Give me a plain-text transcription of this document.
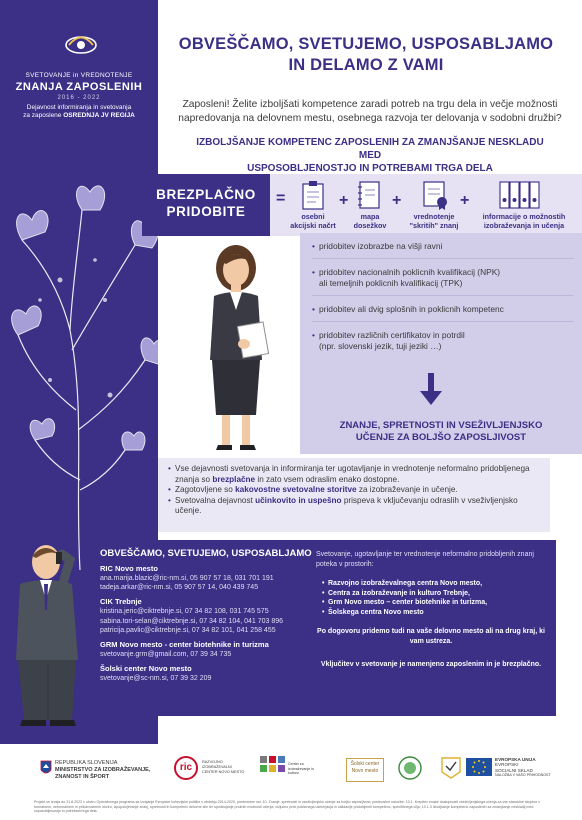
SVETOVANJE in VREDNOTENJE
ZNANJA ZAPOSLENIH
2016 - 2022
Dejavnost informiranja in svetovanja
za zaposlene OSREDNJA JV REGIJA
OBVEŠČAMO, SVETUJEMO, USPOSABLJAMO
IN DELAMO Z VAMI
Zaposleni! Želite izboljšati kompetence zaradi potreb na trgu dela in večje možnosti
napredovanja na delovnem mestu, osebnega razvoja ter delovanja v sodobni družbi?
IZBOLJŠANJE KOMPETENC ZAPOSLENIH ZA ZMANJŠANJE NESKLADU MED
USPOSOBLJENOSTJO IN POTREBAMI TRGA DELA
BREZPLAČNO
PRIDOBITE
=	+	+	+
osebni
akcijski načrt
mapa
dosežkov
vrednotenje
"skritih" znanj
informacije o možnostih
izobraževanja in učenja
• pridobitev izobrazbe na višji ravni
• pridobitev nacionalnih poklicnih kvalifikacij (NPK)
ali temeljnih poklicnih kvalifikacij (TPK)
• pridobitev ali dvig splošnih in poklicnih kompetenc
• pridobitev različnih certifikatov in potrdil
(npr. slovenski jezik, tuji jeziki …)
ZNANJE, SPRETNOSTI IN VSEŽIVLJENJSKO
UČENJE ZA BOLJŠO ZAPOSLJIVOST

• Vse dejavnosti svetovanja in informiranja ter ugotavljanje in vrednotenje neformalno pridobljenega znanja so brezplačne in zato vsem odraslim enako dostopne.

• Zagotovljene so kakovostne svetovalne storitve za izobraževanje in učenje.

• Svetovalna dejavnost učinkovito in uspešno prispeva k vključevanju odraslih v vseživljenjsko učenje.

OBVEŠČAMO, SVETUJEMO, USPOSABLJAMO
RIC Novo mesto
ana.marija.blazic@ric-nm.si, 05 907 57 18, 031 701 191
tadeja.arkar@ric-nm.si, 05 907 57 14, 040 439 745
CIK Trebnje
kristina.jeric@ciktrebnje.si, 07 34 82 108, 031 745 575
sabina.tori-selan@ciktrebnje.si, 07 34 82 104, 041 703 896
patricija.pavlic@ciktrebnje.si, 07 34 82 101, 041 258 455
GRM Novo mesto - center biotehnike in turizma
svetovanje.grm@gmail.com, 07 39 34 735
Šolski center Novo mesto
svetovanje@sc-nm.si, 07 39 32 209
Svetovanje, ugotavljanje ter vrednotenje neformalno pridobljenih znanj poteka v prostorih:
• Razvojno izobraževalnega centra Novo mesto,
• Centra za izobraževanje in kulturo Trebnje,
• Grm Novo mesto – center biotehnike in turizma,
• Šolskega centra Novo mesto
Po dogovoru pridemo tudi na vaše delovno mesto ali na drug kraj, ki vam ustreza.
Vključitev v svetovanje je namenjeno zaposlenim in je brezplačno.
REPUBLIKA SLOVENIJA
MINISTRSTVO ZA IZOBRAŽEVANJE,
ZNANOST IN ŠPORT
ric	RAZVOJNO
IZOBRAŽEVALNI
CENTER NOVO MESTO
Center za izobraževanje in kulturo
Šolski center
Novo mesto
EVROPSKA UNIJA
EVROPSKI
SOCIALNI SKLAD
NALOŽBA V VAŠO PRIHODNOST
Projekt se izvaja do 31.8.2022 v okviru Operativnega programa za izvajanje Evropske kohezijske politike v obdobju 2014-2020, prednostne osi: 10. Znanje, spretnosti in vseživljenjsko učenje za boljšo zaposljivost; prednostne naložbe: 10.1. Krepitev enake dostopnosti vseživljenjskega učenja za vse starostne skupine v formalnem, neformalnem in priložnostnem okviru, izpopolnjevanje znanj, spretnosti in kompetenc delovne sile ter spodbujanje prožnih možnosti učenja, vključno prek poklicnega usmerjanja in validacije pridobljenih kompetenc; specifičnega cilja: 10.1.3 Izboljšanje kompetenc zaposlenih za zmanjšanje neskladij med usposobljenostjo in potrebami trga dela.
